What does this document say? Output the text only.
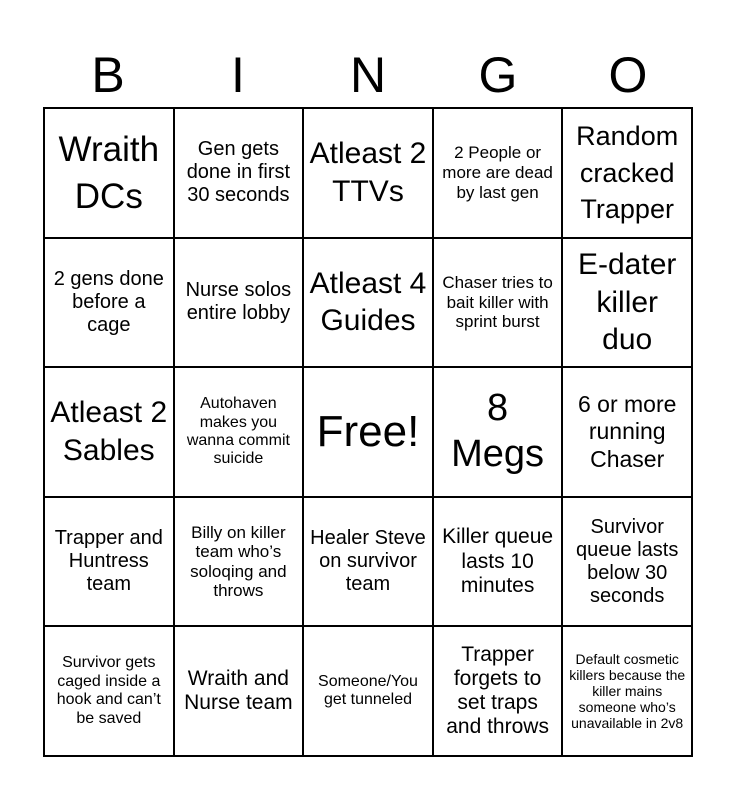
B	I	N	G	O
Wraith DCs
Gen gets done in first 30 seconds
Atleast 2 TTVs
2 People or more are dead by last gen
Random cracked Trapper
2 gens done before a cage
Nurse solos entire lobby
Atleast 4 Guides
Chaser tries to bait killer with sprint burst
E-dater killer duo
Atleast 2 Sables
Autohaven makes you wanna commit suicide
Free!	8 Megs
6 or more running Chaser
Trapper and Huntress team
Billy on killer team who’s soloqing and throws
Healer Steve on survivor team
Killer queue lasts 10 minutes
Survivor queue lasts below 30 seconds
Survivor gets caged inside a hook and can’t be saved
Wraith and Nurse team
Someone/You get tunneled
Trapper forgets to set traps and throws
Default cosmetic killers because the killer mains someone who’s unavailable in 2v8
